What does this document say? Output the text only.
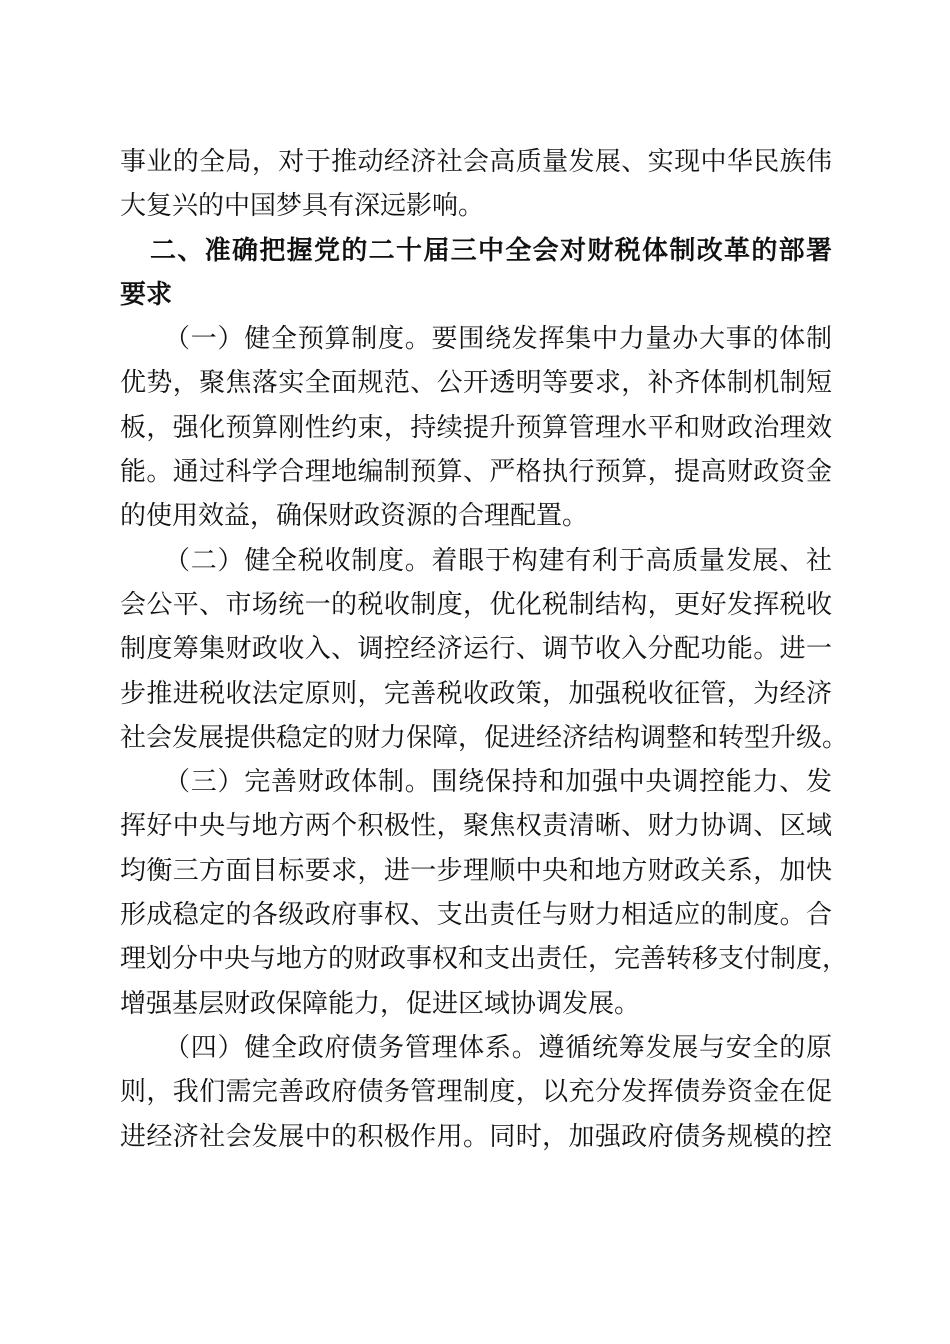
事业的全局，对于推动经济社会高质量发展、实现中华民族伟
大复兴的中国梦具有深远影响。
二、准确把握党的二十届三中全会对财税体制改革的部署
要求
（一）健全预算制度。要围绕发挥集中力量办大事的体制
优势，聚焦落实全面规范、公开透明等要求，补齐体制机制短
板，强化预算刚性约束，持续提升预算管理水平和财政治理效
能。通过科学合理地编制预算、严格执行预算，提高财政资金
的使用效益，确保财政资源的合理配置。
（二）健全税收制度。着眼于构建有利于高质量发展、社
会公平、市场统一的税收制度，优化税制结构，更好发挥税收
制度筹集财政收入、调控经济运行、调节收入分配功能。进一
步推进税收法定原则，完善税收政策，加强税收征管，为经济
社会发展提供稳定的财力保障，促进经济结构调整和转型升级。
（三）完善财政体制。围绕保持和加强中央调控能力、发
挥好中央与地方两个积极性，聚焦权责清晰、财力协调、区域
均衡三方面目标要求，进一步理顺中央和地方财政关系，加快
形成稳定的各级政府事权、支出责任与财力相适应的制度。合
理划分中央与地方的财政事权和支出责任，完善转移支付制度，
增强基层财政保障能力，促进区域协调发展。
（四）健全政府债务管理体系。遵循统筹发展与安全的原
则，我们需完善政府债务管理制度，以充分发挥债券资金在促
进经济社会发展中的积极作用。同时，加强政府债务规模的控
